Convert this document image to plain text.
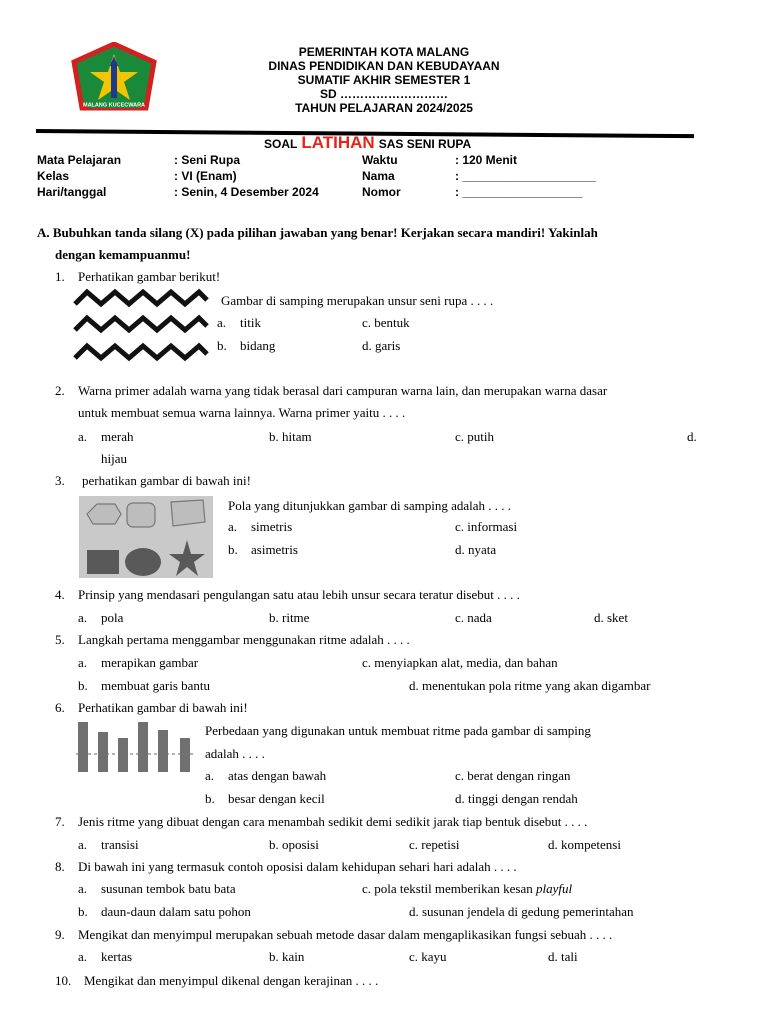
MALANG KUCECWARA
PEMERINTAH KOTA MALANG
DINAS PENDIDIKAN DAN KEBUDAYAAN
SUMATIF AKHIR SEMESTER 1
SD ………………………
TAHUN PELAJARAN 2024/2025
SOAL LATIHAN SAS SENI RUPA
Mata Pelajaran	: Seni Rupa	Waktu	: 120 Menit
Kelas	: VI (Enam)	Nama	: ____________________
Hari/tanggal	: Senin, 4 Desember 2024	Nomor	: __________________
A. Bubuhkan tanda silang (X) pada pilihan jawaban yang benar! Kerjakan secara mandiri! Yakinlah
dengan kemampuanmu!
1. Perhatikan gambar berikut!
Gambar di samping merupakan unsur seni rupa . . . .
a. titik	c. bentuk
b. bidang	d. garis
2. Warna primer adalah warna yang tidak berasal dari campuran warna lain, dan merupakan warna dasar
untuk membuat semua warna lainnya. Warna primer yaitu . . . .
a. merah	b. hitam	c. putih	d.
hijau
3. perhatikan gambar di bawah ini!
Pola yang ditunjukkan gambar di samping adalah . . . .
a. simetris	c. informasi
b. asimetris	d. nyata
4. Prinsip yang mendasari pengulangan satu atau lebih unsur secara teratur disebut . . . .
a. pola	b. ritme	c. nada	d. sket
5. Langkah pertama menggambar menggunakan ritme adalah . . . .
a. merapikan gambar	c. menyiapkan alat, media, dan bahan
b. membuat garis bantu	d. menentukan pola ritme yang akan digambar
6. Perhatikan gambar di bawah ini!
Perbedaan yang digunakan untuk membuat ritme pada gambar di samping
adalah . . . .
a. atas dengan bawah	c. berat dengan ringan
b. besar dengan kecil	d. tinggi dengan rendah
7. Jenis ritme yang dibuat dengan cara menambah sedikit demi sedikit jarak tiap bentuk disebut . . . .
a. transisi	b. oposisi	c. repetisi	d. kompetensi
8. Di bawah ini yang termasuk contoh oposisi dalam kehidupan sehari hari adalah . . . .
a. susunan tembok batu bata	c. pola tekstil memberikan kesan playful
b. daun-daun dalam satu pohon	d. susunan jendela di gedung pemerintahan
9. Mengikat dan menyimpul merupakan sebuah metode dasar dalam mengaplikasikan fungsi sebuah . . . .
a. kertas	b. kain	c. kayu	d. tali
10. Mengikat dan menyimpul dikenal dengan kerajinan . . . .
